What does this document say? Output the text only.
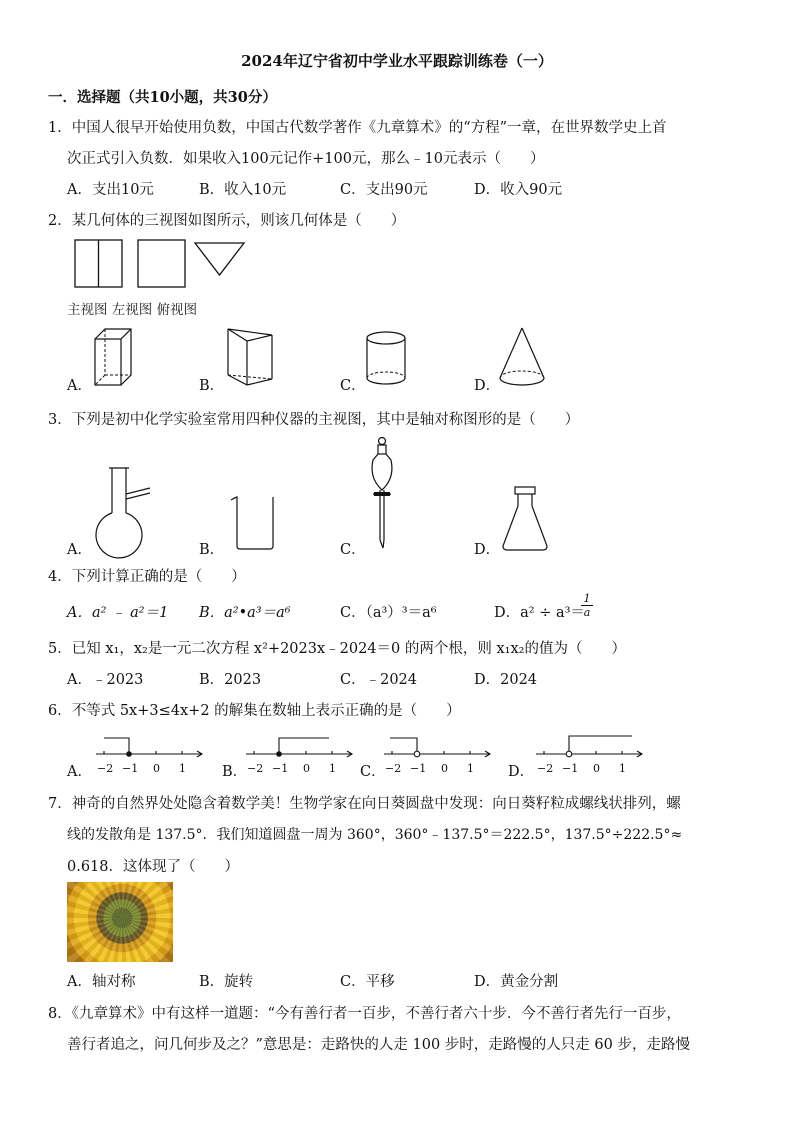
2024年辽宁省初中学业水平跟踪训练卷（一）
一．选择题（共10小题，共30分）
1．中国人很早开始使用负数，中国古代数学著作《九章算术》的“方程”一章，在世界数学史上首
次正式引入负数．如果收入100元记作+100元，那么﹣10元表示（　　）
A．支出10元	B．收入10元	C．支出90元	D．收入90元
2．某几何体的三视图如图所示，则该几何体是（　　）
主视图 左视图 俯视图
A．	B．	C．	D．
3．下列是初中化学实验室常用四种仪器的主视图，其中是轴对称图形的是（　　）
A．	B．	C．	D．
4．下列计算正确的是（　　）
A．a² ﹣ a²＝1 B．a²•a³＝a⁶	C．（a³）³＝a⁶	D．a² ÷ a³＝
$\frac{1}{a}$
5．已知 x₁，x₂是一元二次方程 x²+2023x﹣2024＝0 的两个根，则 x₁x₂的值为（　　）
A．﹣2023	B．2023	C．﹣2024	D．2024
6．不等式 5x+3≤4x+2 的解集在数轴上表示正确的是（　　）
A．	B．	C．	D．
−2 −1 0 1	−2 −1 0 1	−2 −1 0 1	−2 −1 0 1
7．神奇的自然界处处隐含着数学美！生物学家在向日葵圆盘中发现：向日葵籽粒成螺线状排列，螺
线的发散角是 137.5°．我们知道圆盘一周为 360°，360°﹣137.5°＝222.5°，137.5°÷222.5°≈
0.618．这体现了（　　）
A．轴对称	B．旋转	C．平移	D．黄金分割
8．《九章算术》中有这样一道题：“今有善行者一百步，不善行者六十步．今不善行者先行一百步，
善行者追之，问几何步及之？”意思是：走路快的人走 100 步时，走路慢的人只走 60 步，走路慢
